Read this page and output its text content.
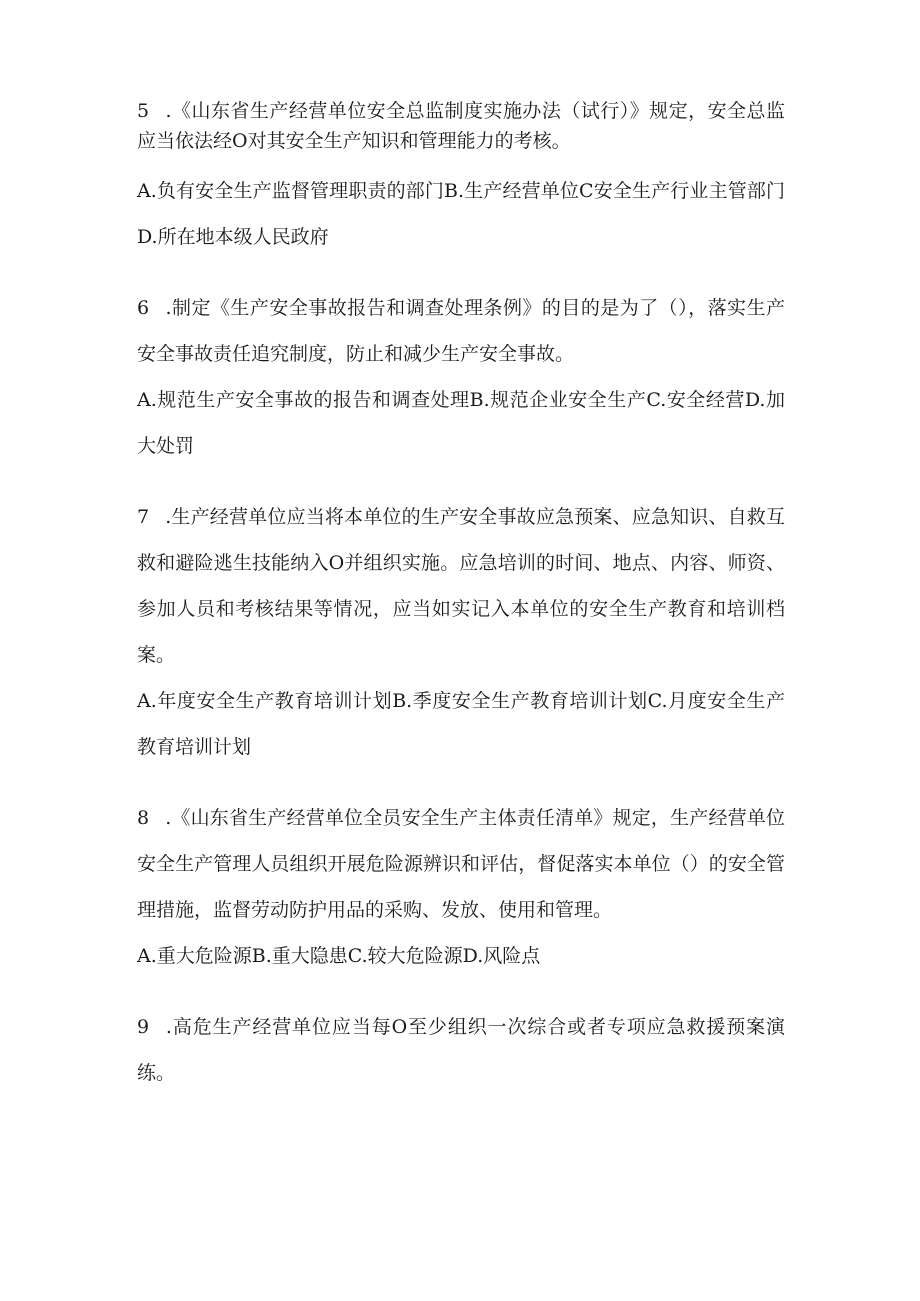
5 .《山东省生产经营单位安全总监制度实施办法（试行）》规定，安全总监应当依法经O对其安全生产知识和管理能力的考核。

A.负有安全生产监督管理职责的部门B.生产经营单位C安全生产行业主管部门D.所在地本级人民政府

6 .制定《生产安全事故报告和调查处理条例》的目的是为了（），落实生产安全事故责任追究制度，防止和减少生产安全事故。

A.规范生产安全事故的报告和调查处理B.规范企业安全生产C.安全经营D.加大处罚

7 .生产经营单位应当将本单位的生产安全事故应急预案、应急知识、自救互救和避险逃生技能纳入O并组织实施。应急培训的时间、地点、内容、师资、参加人员和考核结果等情况，应当如实记入本单位的安全生产教育和培训档案。

A.年度安全生产教育培训计划B.季度安全生产教育培训计划C.月度安全生产教育培训计划

8 .《山东省生产经营单位全员安全生产主体责任清单》规定，生产经营单位安全生产管理人员组织开展危险源辨识和评估，督促落实本单位（）的安全管理措施，监督劳动防护用品的采购、发放、使用和管理。

A.重大危险源B.重大隐患C.较大危险源D.风险点

9 .高危生产经营单位应当每O至少组织一次综合或者专项应急救援预案演练。
